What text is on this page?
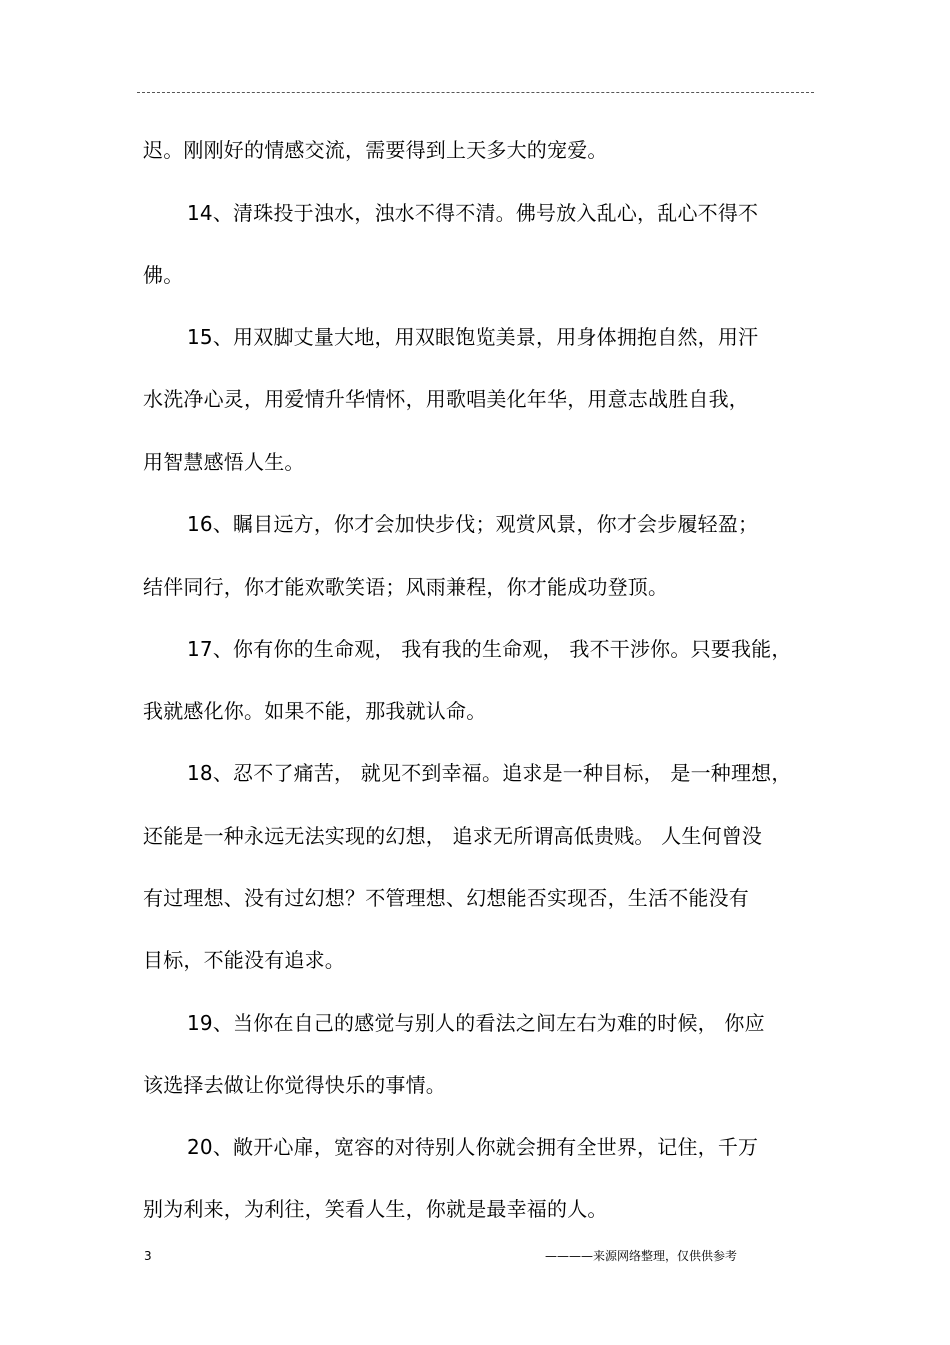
迟。刚刚好的情感交流，需要得到上天多大的宠爱。
14、清珠投于浊水，浊水不得不清。佛号放入乱心，乱心不得不
佛。
15、用双脚丈量大地，用双眼饱览美景，用身体拥抱自然，用汗
水洗净心灵，用爱情升华情怀，用歌唱美化年华，用意志战胜自我，
用智慧感悟人生。
16、瞩目远方，你才会加快步伐；观赏风景，你才会步履轻盈；
结伴同行，你才能欢歌笑语；风雨兼程，你才能成功登顶。
17、你有你的生命观， 我有我的生命观， 我不干涉你。只要我能，
我就感化你。如果不能，那我就认命。
18、忍不了痛苦， 就见不到幸福。追求是一种目标， 是一种理想，
还能是一种永远无法实现的幻想， 追求无所谓高低贵贱。 人生何曾没
有过理想、没有过幻想？不管理想、幻想能否实现否，生活不能没有
目标，不能没有追求。
19、当你在自己的感觉与别人的看法之间左右为难的时候， 你应
该选择去做让你觉得快乐的事情。
20、敞开心扉，宽容的对待别人你就会拥有全世界，记住，千万
别为利来，为利往，笑看人生，你就是最幸福的人。
3	————来源网络整理，仅供供参考
